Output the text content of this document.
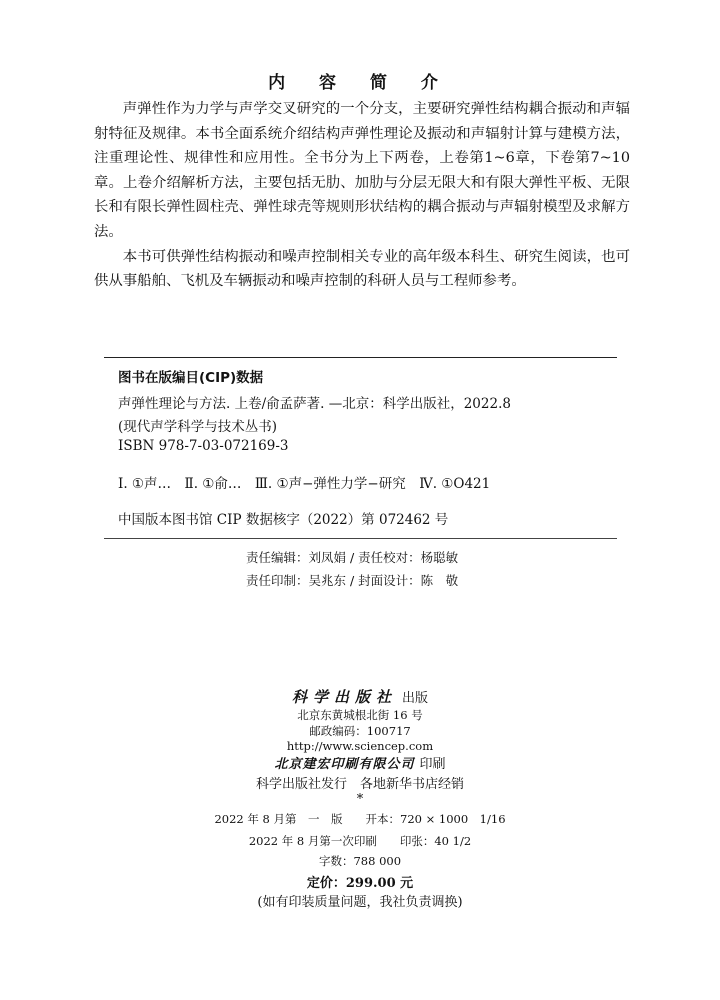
内 容 简 介

声弹性作为力学与声学交叉研究的一个分支，主要研究弹性结构耦合振动和声辐射特征及规律。本书全面系统介绍结构声弹性理论及振动和声辐射计算与建模方法，注重理论性、规律性和应用性。全书分为上下两卷，上卷第1~6章，下卷第7~10章。上卷介绍解析方法，主要包括无肋、加肋与分层无限大和有限大弹性平板、无限长和有限长弹性圆柱壳、弹性球壳等规则形状结构的耦合振动与声辐射模型及求解方法。

本书可供弹性结构振动和噪声控制相关专业的高年级本科生、研究生阅读，也可供从事船舶、飞机及车辆振动和噪声控制的科研人员与工程师参考。

图书在版编目(CIP)数据
声弹性理论与方法. 上卷/俞孟萨著. —北京：科学出版社，2022.8
(现代声学科学与技术丛书)
ISBN 978-7-03-072169-3
Ⅰ. ①声…　Ⅱ. ①俞…　Ⅲ. ①声−弹性力学−研究　Ⅳ. ①O421
中国版本图书馆 CIP 数据核字（2022）第 072462 号
责任编辑：刘凤娟 / 责任校对：杨聪敏
责任印制：吴兆东 / 封面设计：陈　敬
科学出版社 出版
北京东黄城根北街 16 号
邮政编码：100717
http://www.sciencep.com
北京建宏印刷有限公司 印刷
科学出版社发行　各地新华书店经销
*
2022 年 8 月第　一　版　　开本：720 × 1000　1/16
2022 年 8 月第一次印刷　　印张：40 1/2
字数：788 000
定价：299.00 元
(如有印装质量问题，我社负责调换)
